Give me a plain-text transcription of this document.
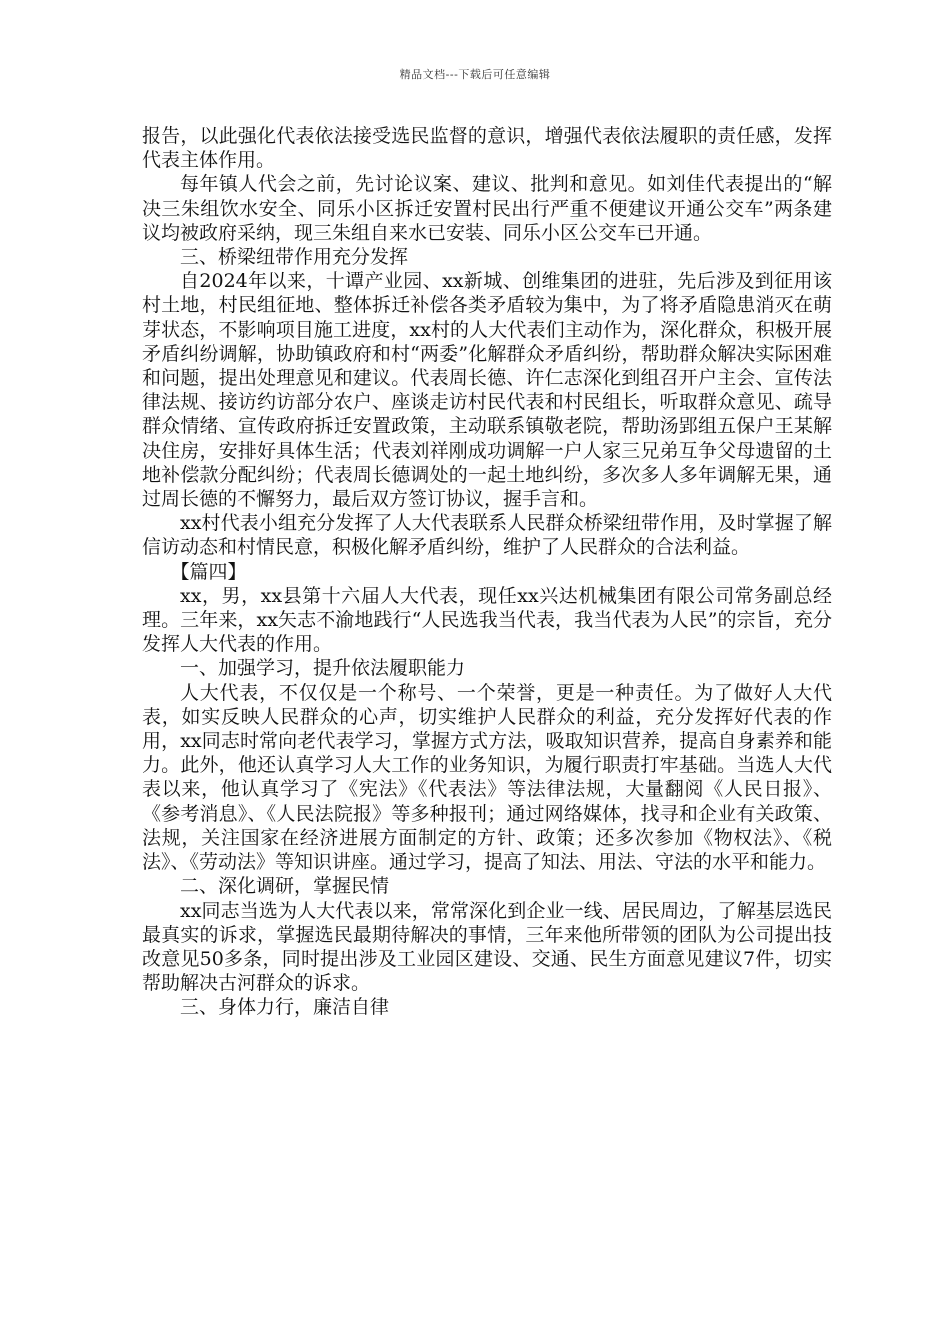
精品文档---下载后可任意编辑

报告，以此强化代表依法接受选民监督的意识，增强代表依法履职的责任感，发挥代表主体作用。

每年镇人代会之前，先讨论议案、建议、批判和意见。如刘佳代表提出的“解决三朱组饮水安全、同乐小区拆迁安置村民出行严重不便建议开通公交车”两条建议均被政府采纳，现三朱组自来水已安装、同乐小区公交车已开通。

三、桥梁纽带作用充分发挥

自2024年以来，十谭产业园、xx新城、创维集团的进驻，先后涉及到征用该村土地，村民组征地、整体拆迁补偿各类矛盾较为集中，为了将矛盾隐患消灭在萌芽状态，不影响项目施工进度，xx村的人大代表们主动作为，深化群众，积极开展矛盾纠纷调解，协助镇政府和村“两委”化解群众矛盾纠纷，帮助群众解决实际困难和问题，提出处理意见和建议。代表周长德、许仁志深化到组召开户主会、宣传法律法规、接访约访部分农户、座谈走访村民代表和村民组长，听取群众意见、疏导群众情绪、宣传政府拆迁安置政策，主动联系镇敬老院，帮助汤郢组五保户王某解决住房，安排好具体生活；代表刘祥刚成功调解一户人家三兄弟互争父母遗留的土地补偿款分配纠纷；代表周长德调处的一起土地纠纷，多次多人多年调解无果，通过周长德的不懈努力，最后双方签订协议，握手言和。

xx村代表小组充分发挥了人大代表联系人民群众桥梁纽带作用，及时掌握了解信访动态和村情民意，积极化解矛盾纠纷，维护了人民群众的合法利益。

【篇四】

xx，男，xx县第十六届人大代表，现任xx兴达机械集团有限公司常务副总经理。三年来，xx矢志不渝地践行“人民选我当代表，我当代表为人民”的宗旨，充分发挥人大代表的作用。

一、加强学习，提升依法履职能力

人大代表，不仅仅是一个称号、一个荣誉，更是一种责任。为了做好人大代表，如实反映人民群众的心声，切实维护人民群众的利益，充分发挥好代表的作用，xx同志时常向老代表学习，掌握方式方法，吸取知识营养，提高自身素养和能力。此外，他还认真学习人大工作的业务知识，为履行职责打牢基础。当选人大代表以来，他认真学习了《宪法》《代表法》等法律法规，大量翻阅《人民日报》、《参考消息》、《人民法院报》等多种报刊；通过网络媒体，找寻和企业有关政策、法规，关注国家在经济进展方面制定的方针、政策；还多次参加《物权法》、《税法》、《劳动法》等知识讲座。通过学习，提高了知法、用法、守法的水平和能力。

二、深化调研，掌握民情

xx同志当选为人大代表以来，常常深化到企业一线、居民周边，了解基层选民最真实的诉求，掌握选民最期待解决的事情，三年来他所带领的团队为公司提出技改意见50多条，同时提出涉及工业园区建设、交通、民生方面意见建议7件，切实帮助解决古河群众的诉求。

三、身体力行，廉洁自律
